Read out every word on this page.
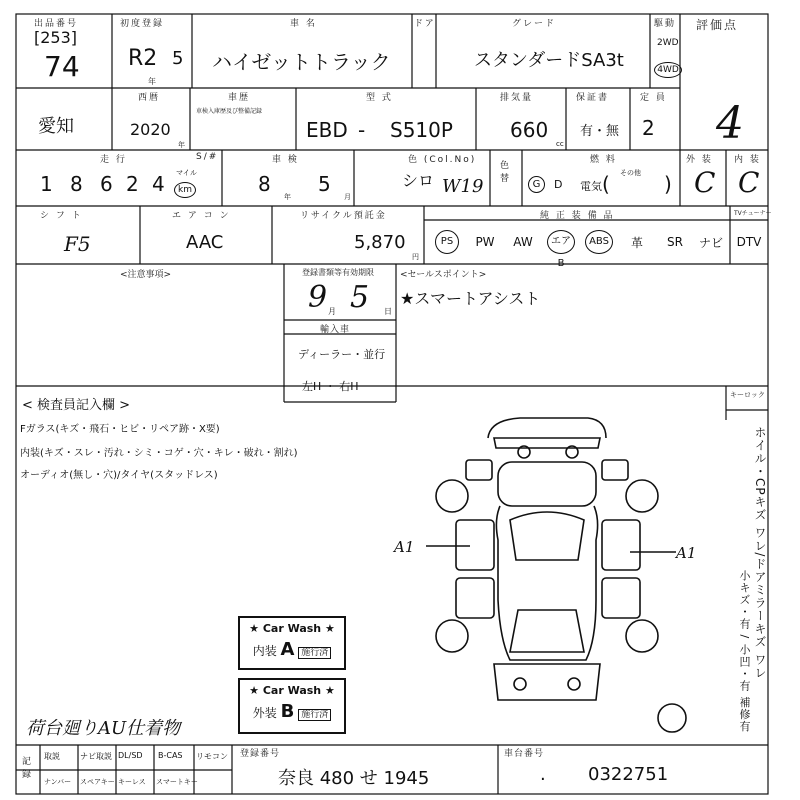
出品番号
[253]
74
初度登録
R2 5
年
車 名
ハイゼットトラック
ドア	グレード
スタンダードSA3t
駆動
2WD
4WD
評価点
愛知
西暦
2020
年
車歴
車検入庫歴及び整備記録
型 式
EBD - S510P
排気量
660
cc
保証書
有・無
定 員
2 4
走 行
1 8 6 2 4 マイル
km
S/#	車 検
8
年
5
月
色 (Col.No)
シロ W19
色替
燃 料
G	D 電気
その他
(	)
外 装
C
内 装
C
シ フ ト
F5
エ ア コ ン
AAC
リサイクル預託金
5,870
円
純 正 装 備 品	TVチューナー
PS	PW	AW	エアB
ABS	革	SR	ナビ	DTV
<注意事項>	登録書類等有効期限
9 月 5 日
輸入車
ディーラー・並行
左H ・ 右H
<セールスポイント>
★スマートアシスト
< 検査員記入欄 >
Fガラス(キズ・飛石・ヒビ・リペア跡・X要)
内装(キズ・スレ・汚れ・シミ・コゲ・穴・キレ・破れ・割れ)
オーディオ(無し・穴)/タイヤ(スタッドレス)
A1	A1
キーロック
ホイル・CPキズ ワレ/ドアミラーキズ ワレ
小キズ・有 / 小凹・有 補修有
荷台廻りAU仕着物
★ Car Wash ★
内装 A 施行済
★ Car Wash ★
外装 B 施行済
記録
取説	ナビ取説 DL/SD B-CAS リモコン
ナンバー スペアキー キーレス スマートキー
登録番号
奈良 480 せ 1945
車台番号
. 0322751
